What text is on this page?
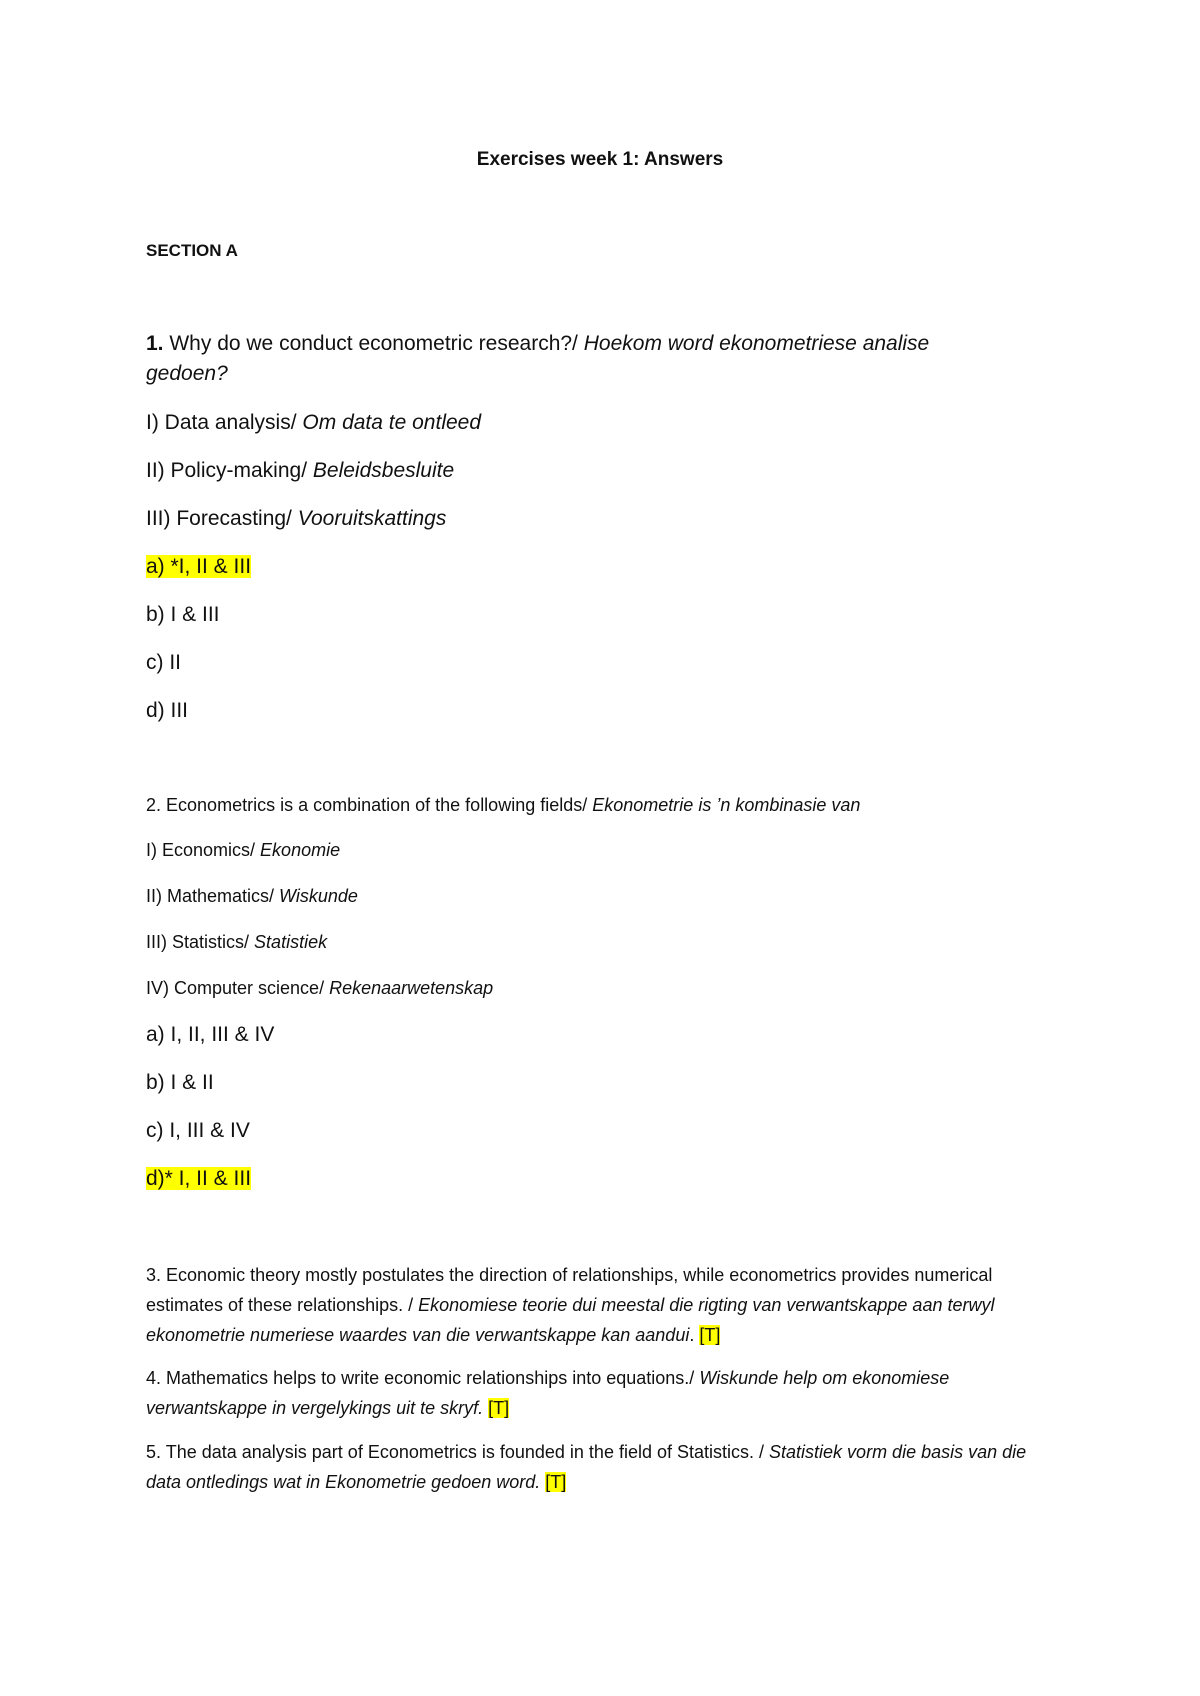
Exercises week 1: Answers
SECTION A
1. Why do we conduct econometric research?/ Hoekom word ekonometriese analise
gedoen?
I) Data analysis/ Om data te ontleed
II) Policy-making/ Beleidsbesluite
III) Forecasting/ Vooruitskattings
a) *I, II & III
b) I & III
c) II
d) III
2. Econometrics is a combination of the following fields/ Ekonometrie is ’n kombinasie van
I) Economics/ Ekonomie
II) Mathematics/ Wiskunde
III) Statistics/ Statistiek
IV) Computer science/ Rekenaarwetenskap
a) I, II, III & IV
b) I & II
c) I, III & IV
d)* I, II & III
3. Economic theory mostly postulates the direction of relationships, while econometrics provides numerical estimates of these relationships. / Ekonomiese teorie dui meestal die rigting van verwantskappe aan terwyl ekonometrie numeriese waardes van die verwantskappe kan aandui. [T]
4. Mathematics helps to write economic relationships into equations./ Wiskunde help om ekonomiese verwantskappe in vergelykings uit te skryf. [T]
5. The data analysis part of Econometrics is founded in the field of Statistics. / Statistiek vorm die basis van die data ontledings wat in Ekonometrie gedoen word. [T]
